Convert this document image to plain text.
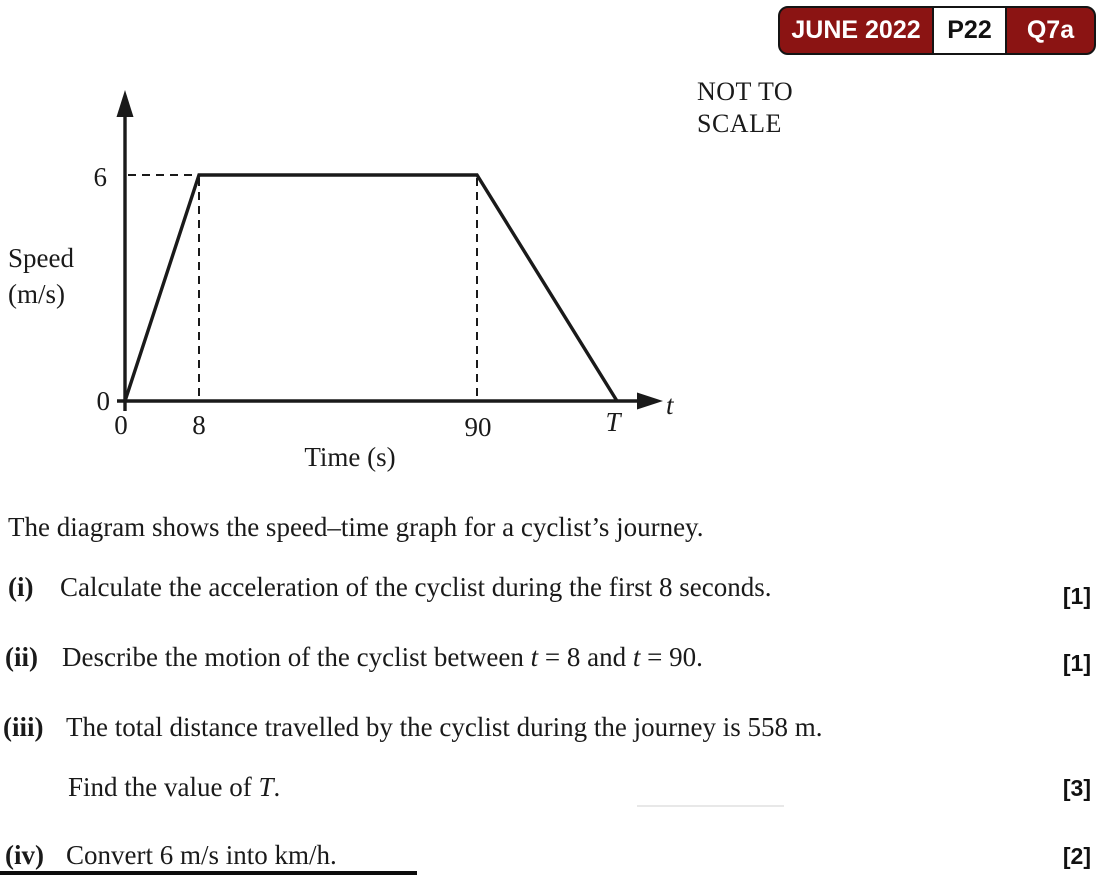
JUNE 2022	P22	Q7a
NOT TO
SCALE
6
0
0 8	90	T
t
Speed
(m/s)
Time (s)
The diagram shows the speed–time graph for a cyclist’s journey.
(i) Calculate the acceleration of the cyclist during the first 8 seconds.	[1]
(ii) Describe the motion of the cyclist between t = 8 and t = 90.	[1]
(iii) The total distance travelled by the cyclist during the journey is 558 m.
Find the value of T.	[3]
(iv) Convert 6 m/s into km/h.	[2]
